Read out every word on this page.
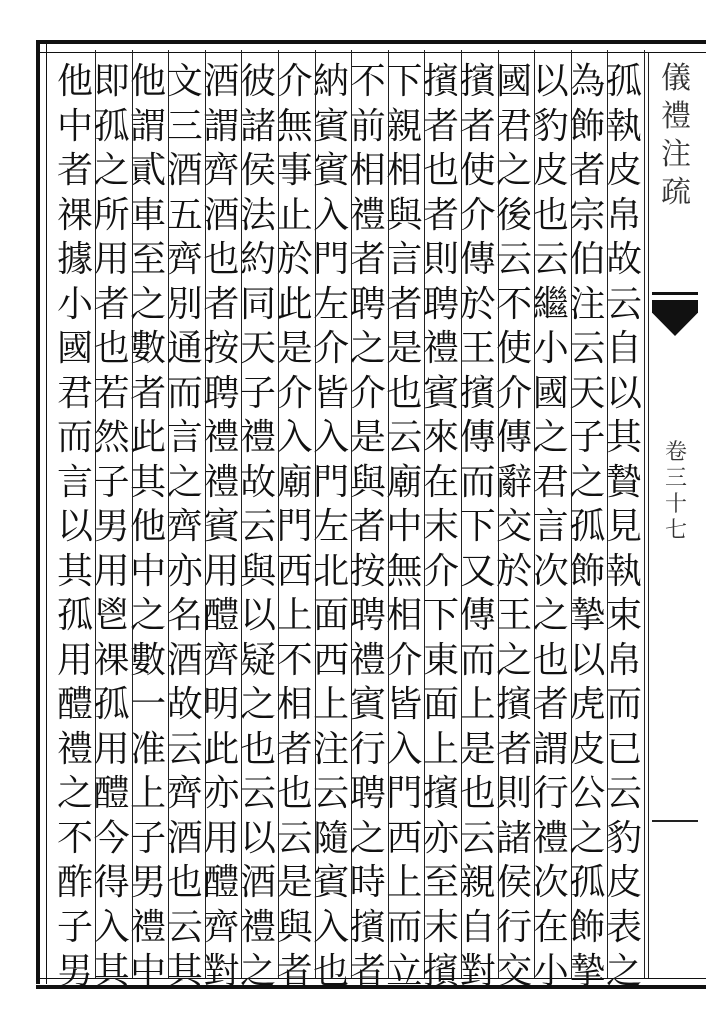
儀禮注疏
卷三十七
孤
執
皮
帛
故
云
自
以
其
贄
見
執
束
帛
而
已
云
豹
皮
表
之
為
飾
者
宗
伯
注
云
天
子
之
孤
飾
摯
以
虎
皮
公
之
孤
飾
摯
以
豹
皮
也
云
繼
小
國
之
君
言
次
之
也
者
謂
行
禮
次
在
小
國
君
之
後
云
不
使
介
傳
辭
交
於
王
之
擯
者
則
諸
侯
行
交
擯
者
使
介
傳
於
王
擯
傳
而
下
又
傳
而
上
是
也
云
親
自
對
擯
者
也
者
則
聘
禮
賓
來
在
末
介
下
東
面
上
擯
亦
至
末
擯
下
親
相
與
言
者
是
也
云
廟
中
無
相
介
皆
入
門
西
上
而
立
不
前
相
禮
者
聘
之
介
是
與
者
按
聘
禮
賓
行
聘
之
時
擯
者
納
賓
賓
入
門
左
介
皆
入
門
左
北
面
西
上
注
云
隨
賓
入
也
介
無
事
止
於
此
是
介
入
廟
門
西
上
不
相
者
也
云
是
與
者
彼
諸
侯
法
約
同
天
子
禮
故
云
與
以
疑
之
也
云
以
酒
禮
之
酒
謂
齊
酒
也
者
按
聘
禮
禮
賓
用
醴
齊
明
此
亦
用
醴
齊
對
文
三
酒
五
齊
別
通
而
言
之
齊
亦
名
酒
故
云
齊
酒
也
云
其
他
謂
貳
車
至
之
數
者
此
其
他
中
之
數
一
准
上
子
男
禮
中
即
孤
之
所
用
者
也
若
然
子
男
用
鬯
祼
孤
用
醴
今
得
入
其
他
中
者
祼
據
小
國
君
而
言
以
其
孤
用
醴
禮
之
不
酢
子
男
